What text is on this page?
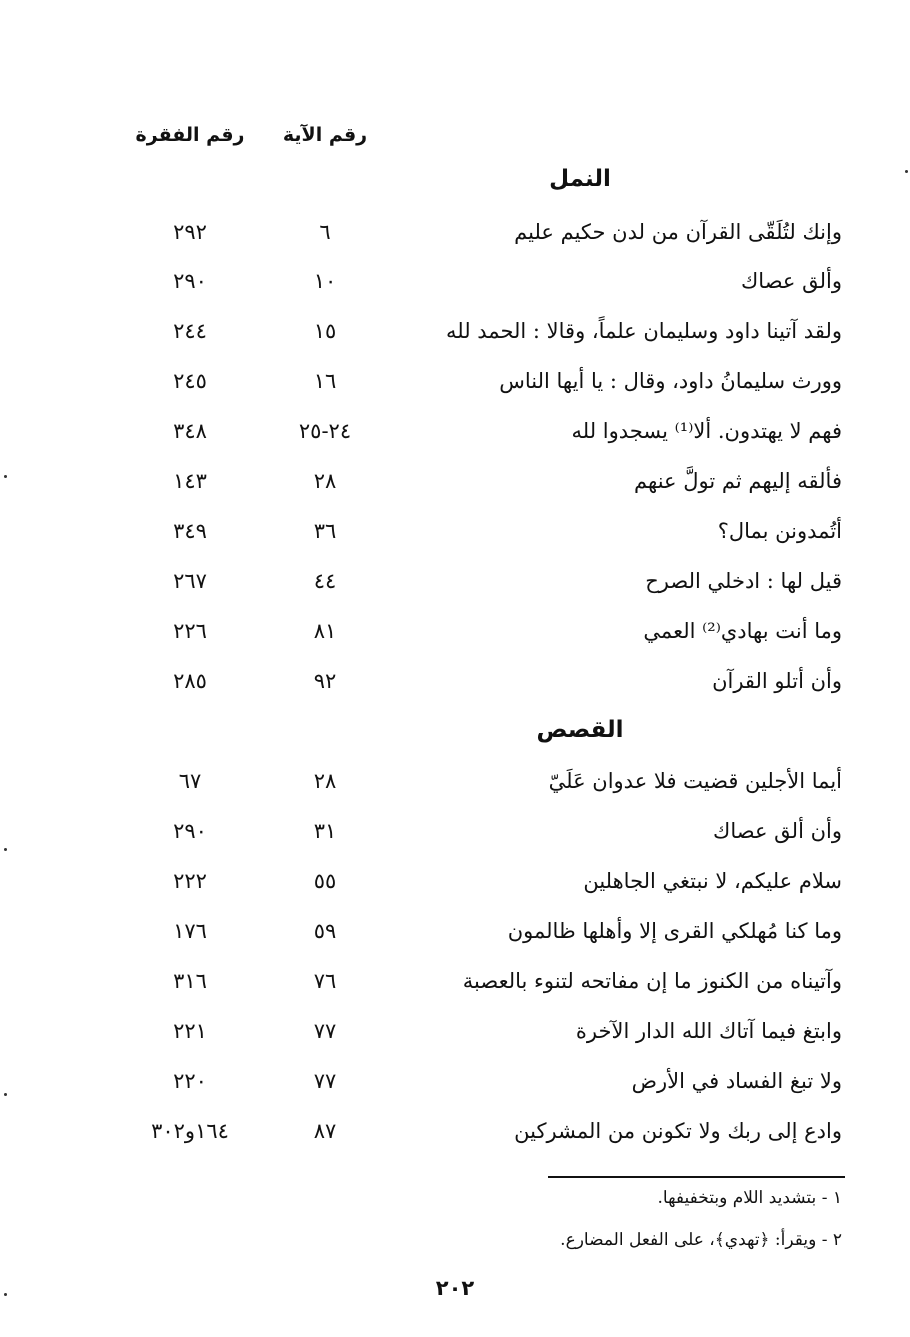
رقم الآية
رقم الفقرة
النمل
وإنك لتُلَقّى القرآن من لدن حكيم عليم
٦
٢٩٢
وألق عصاك
١٠
٢٩٠
ولقد آتينا داود وسليمان علماً، وقالا : الحمد لله
١٥
٢٤٤
وورث سليمانُ داود، وقال : يا أيها الناس
١٦
٢٤٥
فهم لا يهتدون. ألا⁽¹⁾ يسجدوا لله
٢٤-٢٥
٣٤٨
فألقه إليهم ثم تولَّ عنهم
٢٨
١٤٣
أتُمدونن بمال؟
٣٦
٣٤٩
قيل لها : ادخلي الصرح
٤٤
٢٦٧
وما أنت بهادي⁽²⁾ العمي
٨١
٢٢٦
وأن أتلو القرآن
٩٢
٢٨٥
القصص
أيما الأجلين قضيت فلا عدوان عَلَيّ
٢٨
٦٧
وأن ألق عصاك
٣١
٢٩٠
سلام عليكم، لا نبتغي الجاهلين
٥٥
٢٢٢
وما كنا مُهلكي القرى إلا وأهلها ظالمون
٥٩
١٧٦
وآتيناه من الكنوز ما إن مفاتحه لتنوء بالعصبة
٧٦
٣١٦
وابتغ فيما آتاك الله الدار الآخرة
٧٧
٢٢١
ولا تبغ الفساد في الأرض
٧٧
٢٢٠
وادع إلى ربك ولا تكونن من المشركين
٨٧
١٦٤و٣٠٢
١ - بتشديد اللام وبتخفيفها.
٢ - ويقرأ: ﴿تهدي﴾، على الفعل المضارع.
٢٠٢
